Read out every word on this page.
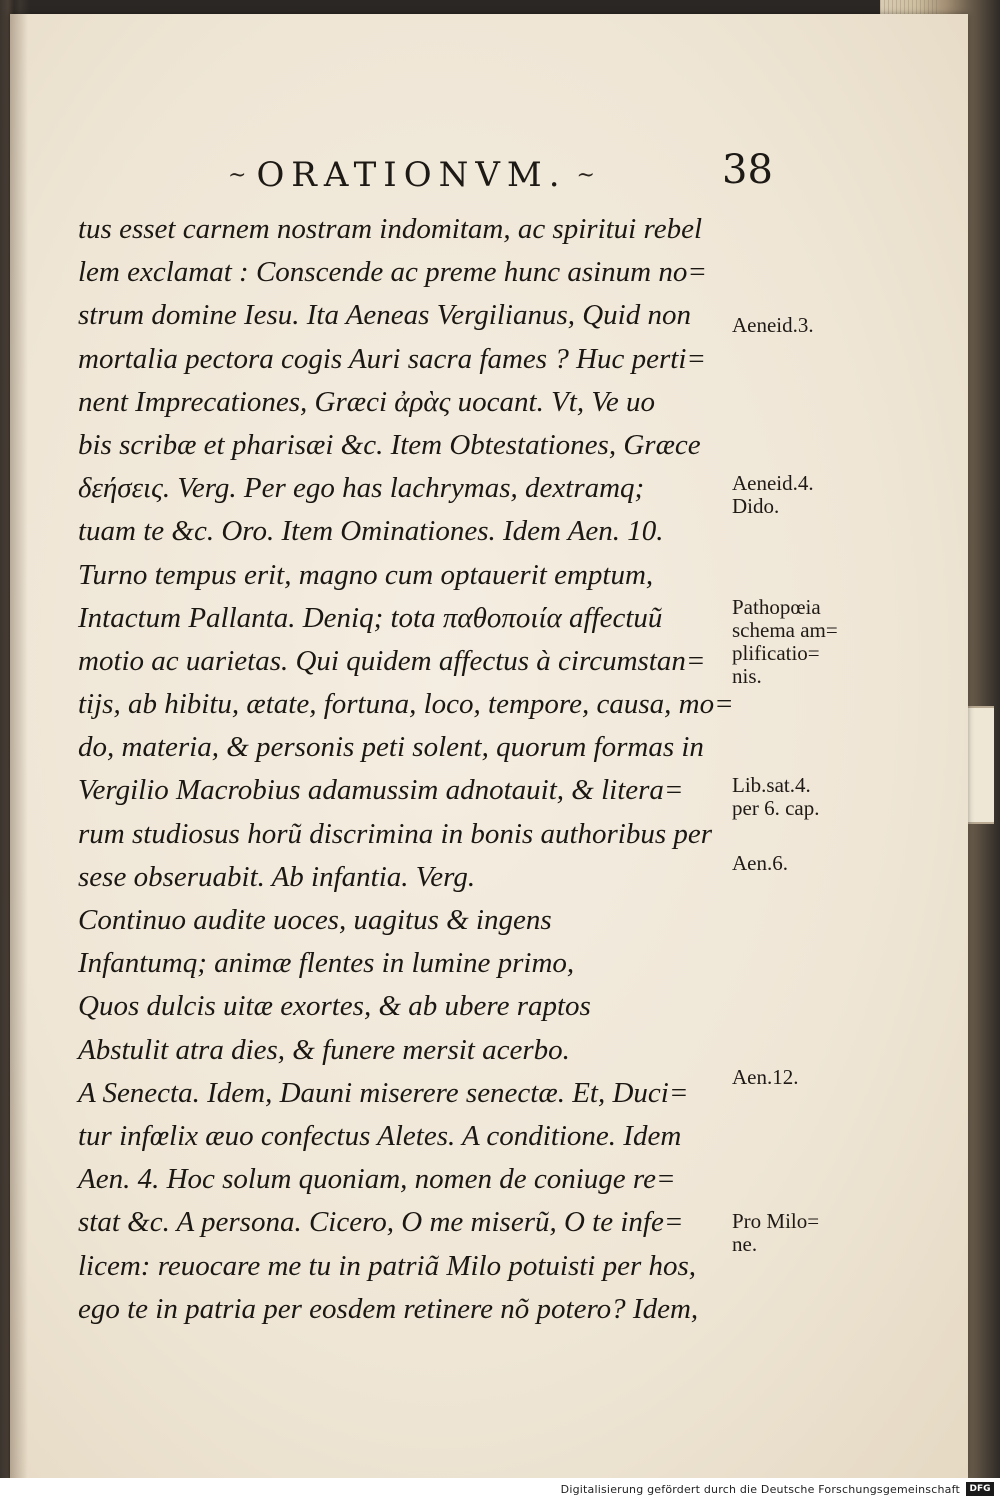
~ ORATIONVM. ~	38
tus esset carnem nostram indomitam, ac spiritui rebel
lem exclamat : Conscende ac preme hunc asinum no=
strum domine Iesu. Ita Aeneas Vergilianus, Quid non
mortalia pectora cogis Auri sacra fames ? Huc perti=
nent Imprecationes, Græci ἀρὰς uocant. Vt, Ve uo
bis scribæ et pharisæi &c. Item Obtestationes, Græce
δεήσεις. Verg. Per ego has lachrymas, dextramq;
tuam te &c. Oro. Item Ominationes. Idem Aen. 10.
Turno tempus erit, magno cum optauerit emptum,
Intactum Pallanta. Deniq; tota παθοποιία affectuũ
motio ac uarietas. Qui quidem affectus à circumstan=
tijs, ab hibitu, ætate, fortuna, loco, tempore, causa, mo=
do, materia, & personis peti solent, quorum formas in
Vergilio Macrobius adamussim adnotauit, & litera=
rum studiosus horũ discrimina in bonis authoribus per
sese obseruabit. Ab infantia. Verg.
Continuo audite uoces, uagitus & ingens
Infantumq; animæ flentes in lumine primo,
Quos dulcis uitæ exortes, & ab ubere raptos
Abstulit atra dies, & funere mersit acerbo.
A Senecta. Idem, Dauni miserere senectæ. Et, Duci=
tur infœlix æuo confectus Aletes. A conditione. Idem
Aen. 4. Hoc solum quoniam, nomen de coniuge re=
stat &c. A persona. Cicero, O me miserũ, O te infe=
licem: reuocare me tu in patriã Milo potuisti per hos,
ego te in patria per eosdem retinere nõ potero? Idem,
Aeneid.3.
Aeneid.4.
Dido.
Pathopœia
schema am=
plificatio=
nis.
Lib.sat.4.
per 6. cap.
Aen.6.
Aen.12.
Pro Milo=
ne.
Digitalisierung gefördert durch die Deutsche Forschungsgemeinschaft	DFG
